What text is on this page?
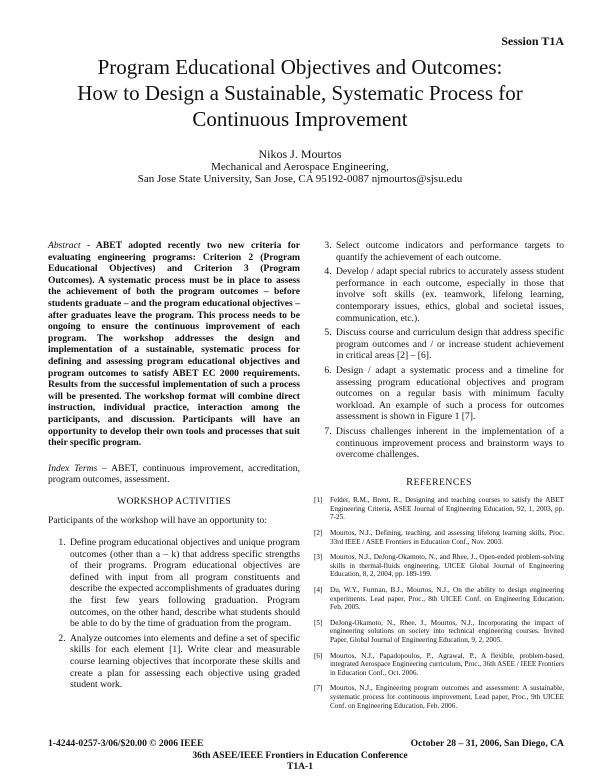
Session T1A
Program Educational Objectives and Outcomes:
How to Design a Sustainable, Systematic Process for
Continuous Improvement
Nikos J. Mourtos
Mechanical and Aerospace Engineering,
San Jose State University, San Jose, CA 95192-0087 njmourtos@sjsu.edu

Abstract - ABET adopted recently two new criteria for evaluating engineering programs: Criterion 2 (Program Educational Objectives) and Criterion 3 (Program Outcomes). A systematic process must be in place to assess the achievement of both the program outcomes – before students graduate – and the program educational objectives – after graduates leave the program. This process needs to be ongoing to ensure the continuous improvement of each program. The workshop addresses the design and implementation of a sustainable, systematic process for defining and assessing program educational objectives and program outcomes to satisfy ABET EC 2000 requirements. Results from the successful implementation of such a process will be presented. The workshop format will combine direct instruction, individual practice, interaction among the participants, and discussion. Participants will have an opportunity to develop their own tools and processes that suit their specific program.

Index Terms – ABET, continuous improvement, accreditation, program outcomes, assessment.

WORKSHOP ACTIVITIES

Participants of the workshop will have an opportunity to:

1. Define program educational objectives and unique program outcomes (other than a – k) that address specific strengths of their programs. Program educational objectives are defined with input from all program constituents and describe the expected accomplishments of graduates during the first few years following graduation. Program outcomes, on the other hand, describe what students should be able to do by the time of graduation from the program.
2. Analyze outcomes into elements and define a set of specific skills for each element [1]. Write clear and measurable course learning objectives that incorporate these skills and create a plan for assessing each objective using graded student work.
3. Select outcome indicators and performance targets to quantify the achievement of each outcome.
4. Develop / adapt special rubrics to accurately assess student performance in each outcome, especially in those that involve soft skills (ex. teamwork, lifelong learning, contemporary issues, ethics, global and societal issues, communication, etc.).
5. Discuss course and curriculum design that address specific program outcomes and / or increase student achievement in critical areas [2] – [6].
6. Design / adapt a systematic process and a timeline for assessing program educational objectives and program outcomes on a regular basis with minimum faculty workload. An example of such a process for outcomes assessment is shown in Figure 1 [7].
7. Discuss challenges inherent in the implementation of a continuous improvement process and brainstorm ways to overcome challenges.
REFERENCES
[1]	Felder, R.M., Brent, R., Designing and teaching courses to satisfy the ABET Engineering Criteria, ASEE Journal of Engineering Education, 92, 1, 2003, pp. 7-25.
[2]	Mourtos, N.J., Defining, teaching, and assessing lifelong learning skills, Proc. 33rd IEEE / ASEE Frontiers in Education Conf., Nov. 2003.
[3]	Mourtos, N.J., DeJong-Okamoto, N., and Rhee, J., Open-ended problem-solving skills in thermal-fluids engineering, UICEE Global Journal of Engineering Education, 8, 2, 2004, pp. 189-199.
[4]	Du, W.Y., Furman, B.J., Mourtos, N.J., On the ability to design engineering experiments. Lead paper, Proc., 8th UICEE Conf. on Engineering Education, Feb. 2005.
[5]	DeJong-Okamoto, N., Rhee, J., Mourtos, N.J., Incorporating the impact of engineering solutions on society into technical engineering courses. Invited Paper, Global Journal of Engineering Education, 9, 2, 2005.
[6]	Mourtos, N.J., Papadopoulos, P., Agrawal, P., A flexible, problem-based, integrated Aerospace Engineering curriculum, Proc., 36th ASEE / IEEE Frontiers in Education Conf., Oct. 2006.
[7]	Mourtos, N.J., Engineering program outcomes and assessment: A sustainable, systematic process for continuous improvement, Lead paper, Proc., 9th UICEE Conf. on Engineering Education, Feb. 2006.
1-4244-0257-3/06/$20.00 © 2006 IEEE	October 28 – 31, 2006, San Diego, CA
36th ASEE/IEEE Frontiers in Education Conference
T1A-1
